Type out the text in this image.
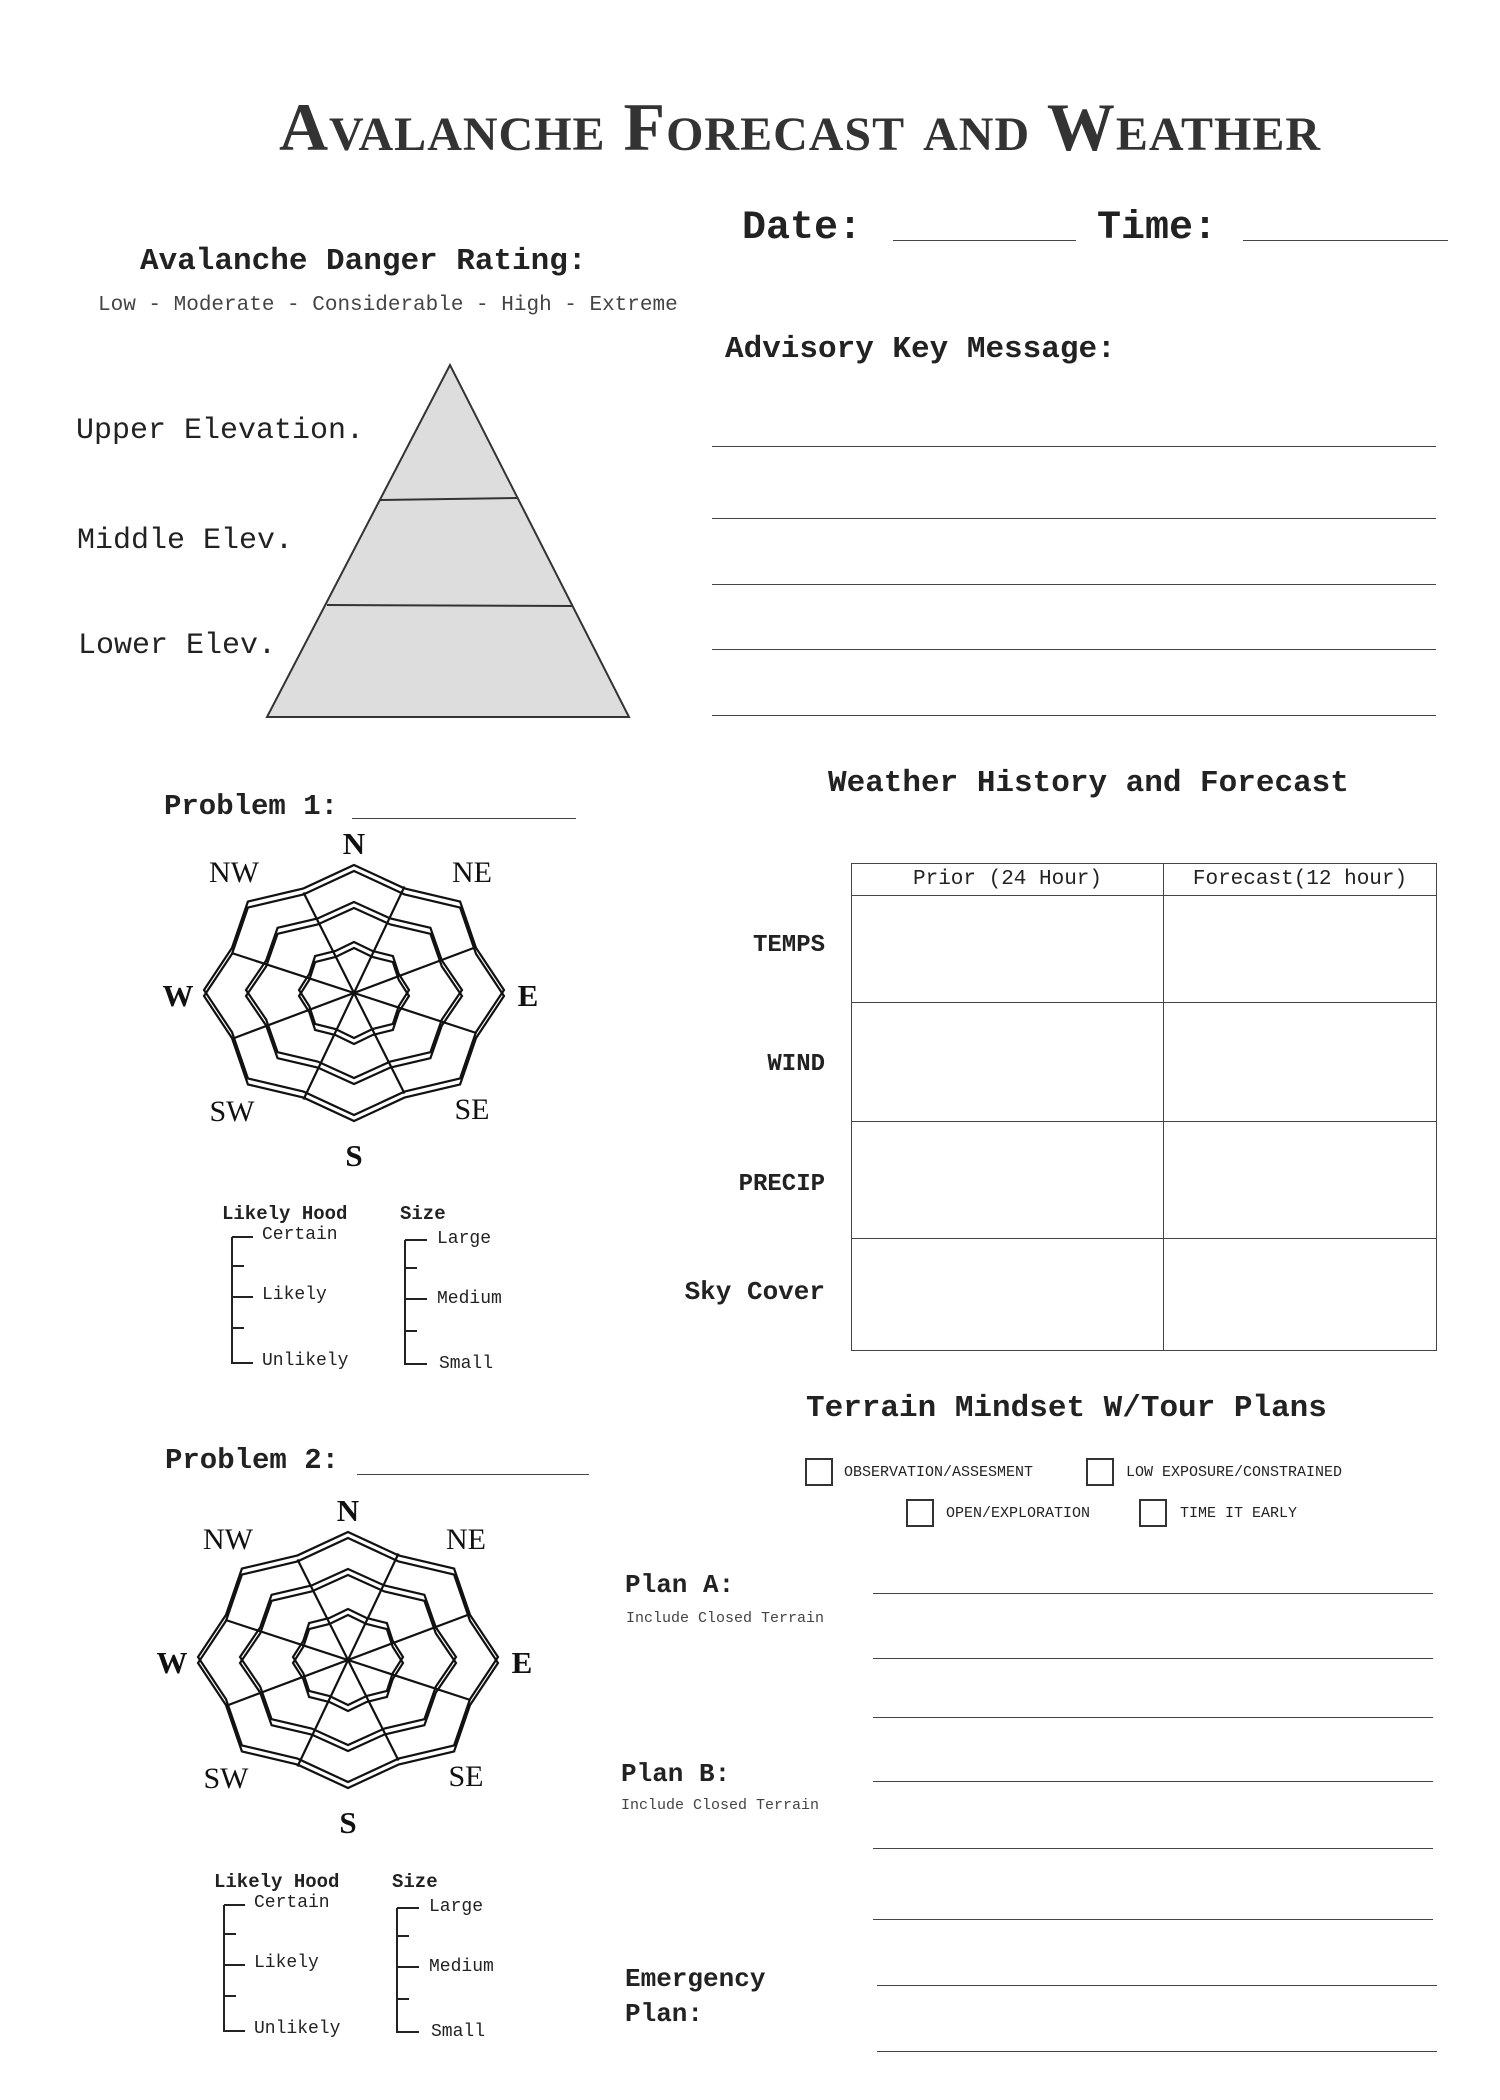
Avalanche Forecast and Weather
Date:	Time:
Avalanche Danger Rating:
Low - Moderate - Considerable - High - Extreme
Upper Elevation.
Middle Elev.
Lower Elev.
Advisory Key Message:
Problem 1:
N
NE
E
SE
S
SW
W
NW
Problem 2:
N
NE
E
SE
S
SW
W
NW
Likely Hood	Size
Certain
Likely
Unlikely
Large
Medium
Small
Likely Hood	Size
Certain
Likely
Unlikely
Large
Medium
Small
Weather History and Forecast
Prior (24 Hour)	Forecast(12 hour)

TEMPS
WIND
PRECIP
Sky Cover
Terrain Mindset W/Tour Plans
OBSERVATION/ASSESMENT	LOW EXPOSURE/CONSTRAINED
OPEN/EXPLORATION	TIME IT EARLY
Plan A:
Include Closed Terrain
Plan B:
Include Closed Terrain
Emergency
Plan:
